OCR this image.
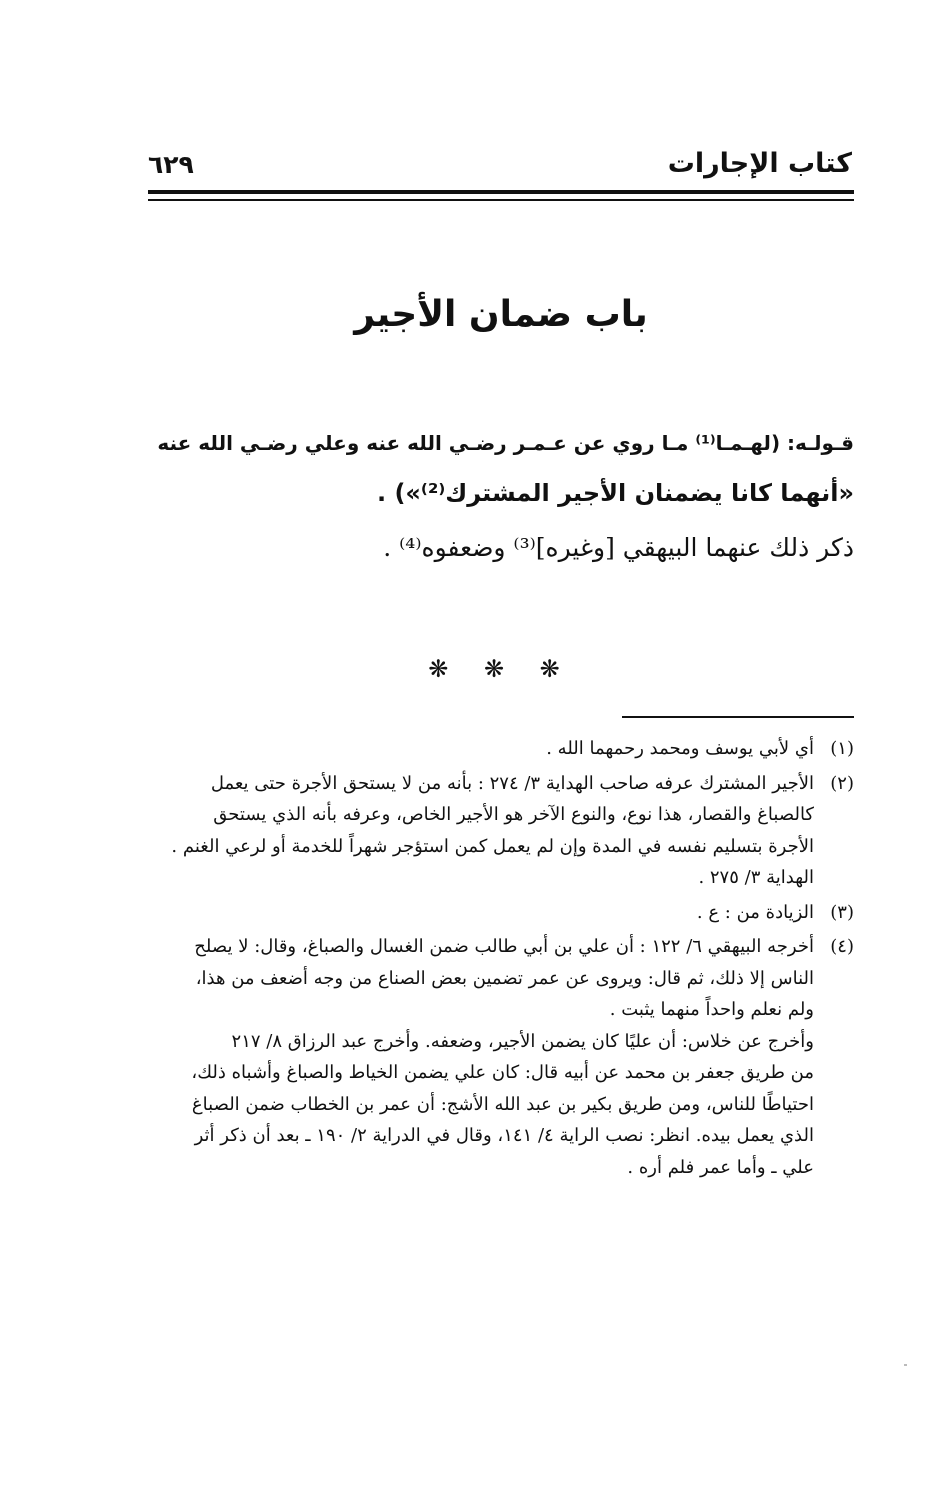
كتاب الإجارات
٦٢٩
باب ضمان الأجير
قـولـه: (لهـمـا⁽¹⁾ مـا روي عن عـمـر رضـي الله عنه وعلي رضـي الله عنه
«أنهما كانا يضمنان الأجير المشترك⁽²⁾») .
ذكر ذلك عنهما البيهقي [وغيره]⁽³⁾ وضعفوه⁽⁴⁾ .
❋ ❋ ❋
(١)
أي لأبي يوسف ومحمد رحمهما الله .
(٢)
الأجير المشترك عرفه صاحب الهداية ٣/ ٢٧٤ : بأنه من لا يستحق الأجرة حتى يعمل
كالصباغ والقصار، هذا نوع، والنوع الآخر هو الأجير الخاص، وعرفه بأنه الذي يستحق
الأجرة بتسليم نفسه في المدة وإن لم يعمل كمن استؤجر شهراً للخدمة أو لرعي الغنم .
الهداية ٣/ ٢٧٥ .
(٣)
الزيادة من : ع .
(٤)
أخرجه البيهقي ٦/ ١٢٢ : أن علي بن أبي طالب ضمن الغسال والصباغ، وقال: لا يصلح
الناس إلا ذلك، ثم قال: ويروى عن عمر تضمين بعض الصناع من وجه أضعف من هذا،
ولم نعلم واحداً منهما يثبت .
وأخرج عن خلاس: أن عليًا كان يضمن الأجير، وضعفه. وأخرج عبد الرزاق ٨/ ٢١٧
من طريق جعفر بن محمد عن أبيه قال: كان علي يضمن الخياط والصباغ وأشباه ذلك،
احتياطًا للناس، ومن طريق بكير بن عبد الله الأشج: أن عمر بن الخطاب ضمن الصباغ
الذي يعمل بيده. انظر: نصب الراية ٤/ ١٤١، وقال في الدراية ٢/ ١٩٠ ـ بعد أن ذكر أثر
علي ـ وأما عمر فلم أره .
